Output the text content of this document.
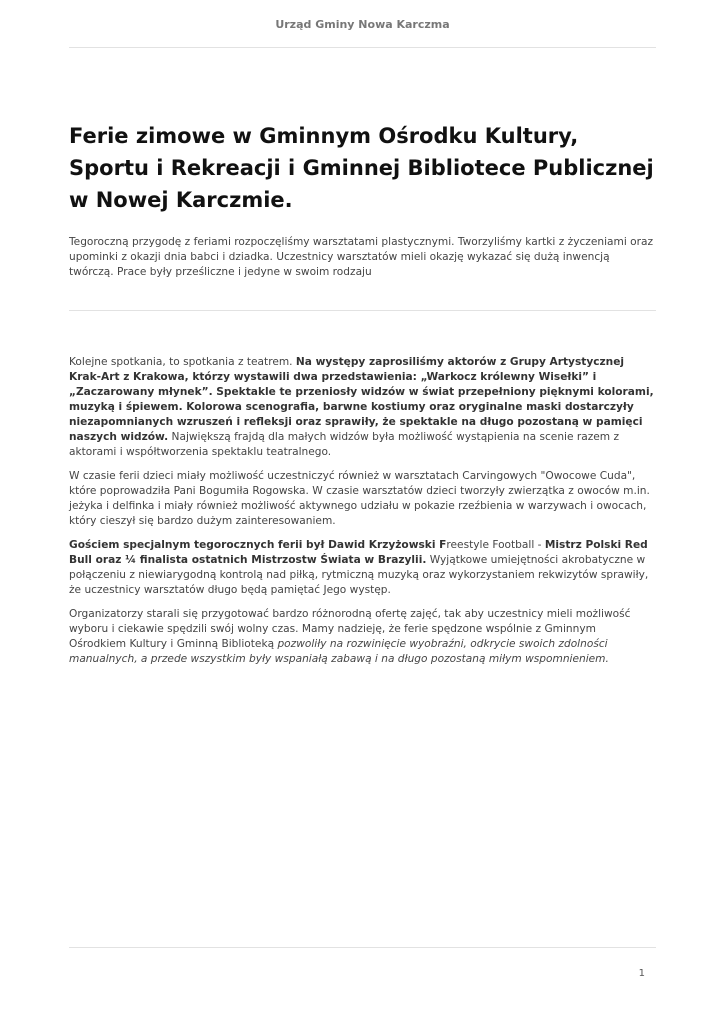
Urząd Gminy Nowa Karczma
Ferie zimowe w Gminnym Ośrodku Kultury, Sportu i Rekreacji i Gminnej Bibliotece Publicznej w Nowej Karczmie.

Tegoroczną przygodę z feriami rozpoczęliśmy warsztatami plastycznymi. Tworzyliśmy kartki z życzeniami oraz upominki z okazji dnia babci i dziadka. Uczestnicy warsztatów mieli okazję wykazać się dużą inwencją twórczą. Prace były prześliczne i jedyne w swoim rodzaju

Kolejne spotkania, to spotkania z teatrem. Na występy zaprosiliśmy aktorów z Grupy Artystycznej Krak-Art z Krakowa, którzy wystawili dwa przedstawienia: „Warkocz królewny Wisełki” i „Zaczarowany młynek”. Spektakle te przeniosły widzów w świat przepełniony pięknymi kolorami, muzyką i śpiewem. Kolorowa scenografia, barwne kostiumy oraz oryginalne maski dostarczyły niezapomnianych wzruszeń i refleksji oraz sprawiły, że spektakle na długo pozostaną w pamięci naszych widzów. Największą frajdą dla małych widzów była możliwość wystąpienia na scenie razem z aktorami i współtworzenia spektaklu teatralnego.

W czasie ferii dzieci miały możliwość uczestniczyć również w warsztatach Carvingowych "Owocowe Cuda", które poprowadziła Pani Bogumiła Rogowska. W czasie warsztatów dzieci tworzyły zwierzątka z owoców m.in. jeżyka i delfinka i miały również możliwość aktywnego udziału w pokazie rzeźbienia w warzywach i owocach, który cieszył się bardzo dużym zainteresowaniem.

Gościem specjalnym tegorocznych ferii był Dawid Krzyżowski Freestyle Football - Mistrz Polski Red Bull oraz ¼ finalista ostatnich Mistrzostw Świata w Brazylii. Wyjątkowe umiejętności akrobatyczne w połączeniu z niewiarygodną kontrolą nad piłką, rytmiczną muzyką oraz wykorzystaniem rekwizytów sprawiły, że uczestnicy warsztatów długo będą pamiętać Jego występ.

Organizatorzy starali się przygotować bardzo różnorodną ofertę zajęć, tak aby uczestnicy mieli możliwość wyboru i ciekawie spędzili swój wolny czas. Mamy nadzieję, że ferie spędzone wspólnie z Gminnym Ośrodkiem Kultury i Gminną Biblioteką pozwoliły na rozwinięcie wyobraźni, odkrycie swoich zdolności manualnych, a przede wszystkim były wspaniałą zabawą i na długo pozostaną miłym wspomnieniem.

1
